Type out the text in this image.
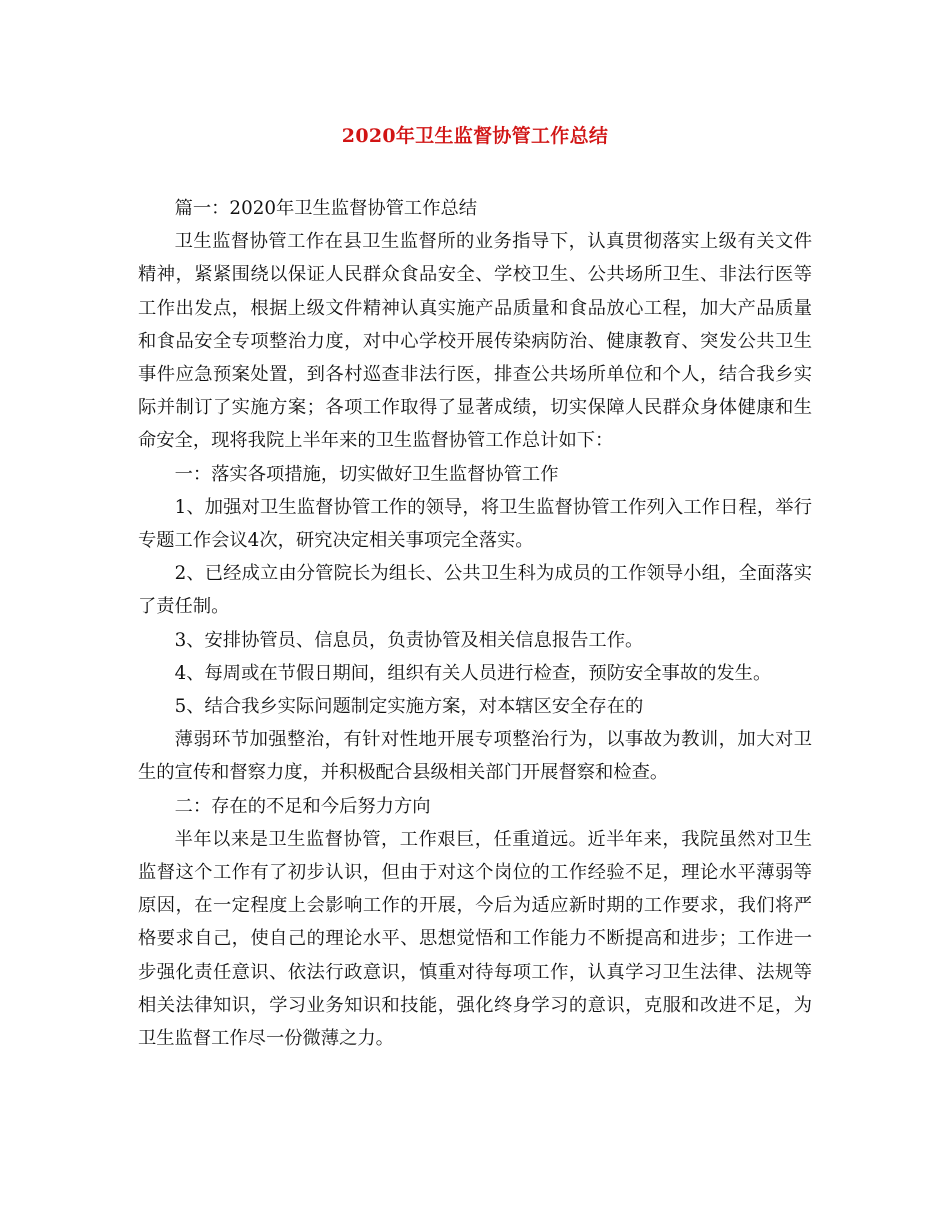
2020年卫生监督协管工作总结

篇一：2020年卫生监督协管工作总结

卫生监督协管工作在县卫生监督所的业务指导下，认真贯彻落实上级有关文件精神，紧紧围绕以保证人民群众食品安全、学校卫生、公共场所卫生、非法行医等工作出发点，根据上级文件精神认真实施产品质量和食品放心工程，加大产品质量和食品安全专项整治力度，对中心学校开展传染病防治、健康教育、突发公共卫生事件应急预案处置，到各村巡查非法行医，排查公共场所单位和个人，结合我乡实际并制订了实施方案；各项工作取得了显著成绩，切实保障人民群众身体健康和生命安全，现将我院上半年来的卫生监督协管工作总计如下：

一：落实各项措施，切实做好卫生监督协管工作

1、加强对卫生监督协管工作的领导，将卫生监督协管工作列入工作日程，举行专题工作会议4次，研究决定相关事项完全落实。

2、已经成立由分管院长为组长、公共卫生科为成员的工作领导小组，全面落实了责任制。

3、安排协管员、信息员，负责协管及相关信息报告工作。

4、每周或在节假日期间，组织有关人员进行检查，预防安全事故的发生。

5、结合我乡实际问题制定实施方案，对本辖区安全存在的

薄弱环节加强整治，有针对性地开展专项整治行为，以事故为教训，加大对卫生的宣传和督察力度，并积极配合县级相关部门开展督察和检查。

二：存在的不足和今后努力方向

半年以来是卫生监督协管，工作艰巨，任重道远。近半年来，我院虽然对卫生监督这个工作有了初步认识，但由于对这个岗位的工作经验不足，理论水平薄弱等原因，在一定程度上会影响工作的开展，今后为适应新时期的工作要求，我们将严格要求自己，使自己的理论水平、思想觉悟和工作能力不断提高和进步；工作进一步强化责任意识、依法行政意识，慎重对待每项工作，认真学习卫生法律、法规等相关法律知识，学习业务知识和技能，强化终身学习的意识，克服和改进不足，为卫生监督工作尽一份微薄之力。
